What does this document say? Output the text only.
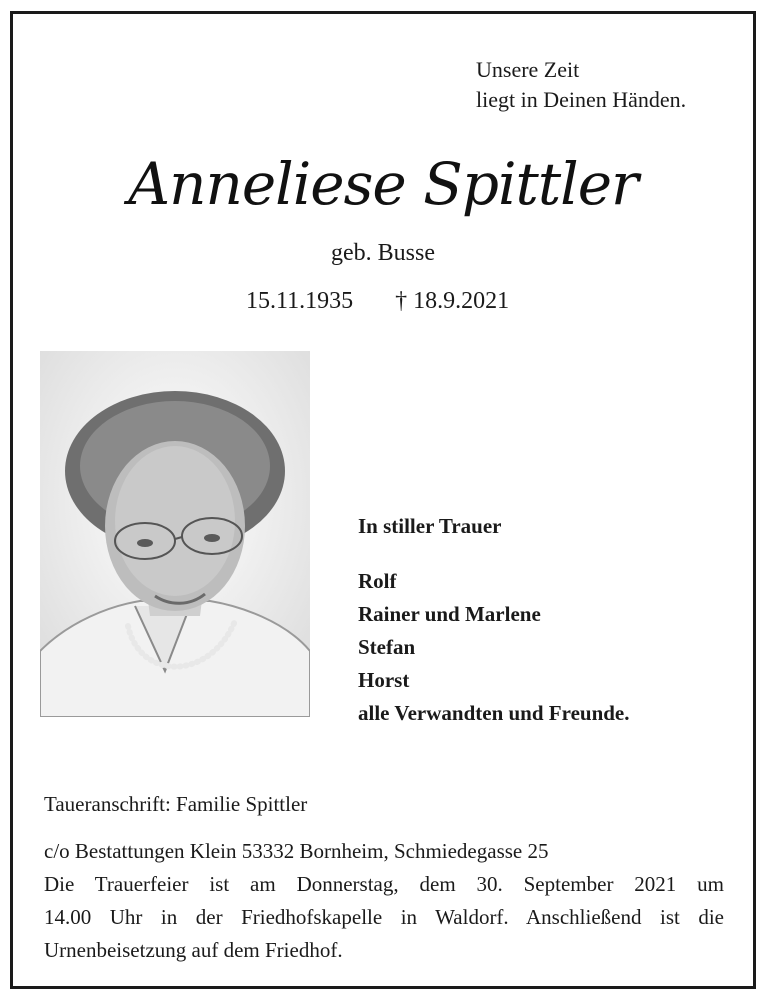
Unsere Zeit
liegt in Deinen Händen.
Anneliese Spittler
geb. Busse
15.11.1935 † 18.9.2021
In stiller Trauer
Rolf
Rainer und Marlene
Stefan
Horst
alle Verwandten und Freunde.
Taueranschrift: Familie Spittler
c/o Bestattungen Klein 53332 Bornheim, Schmiedegasse 25
Die Trauerfeier ist am Donnerstag, dem 30. September 2021 um
14.00 Uhr in der Friedhofskapelle in Waldorf. Anschließend ist die
Urnenbeisetzung auf dem Friedhof.
